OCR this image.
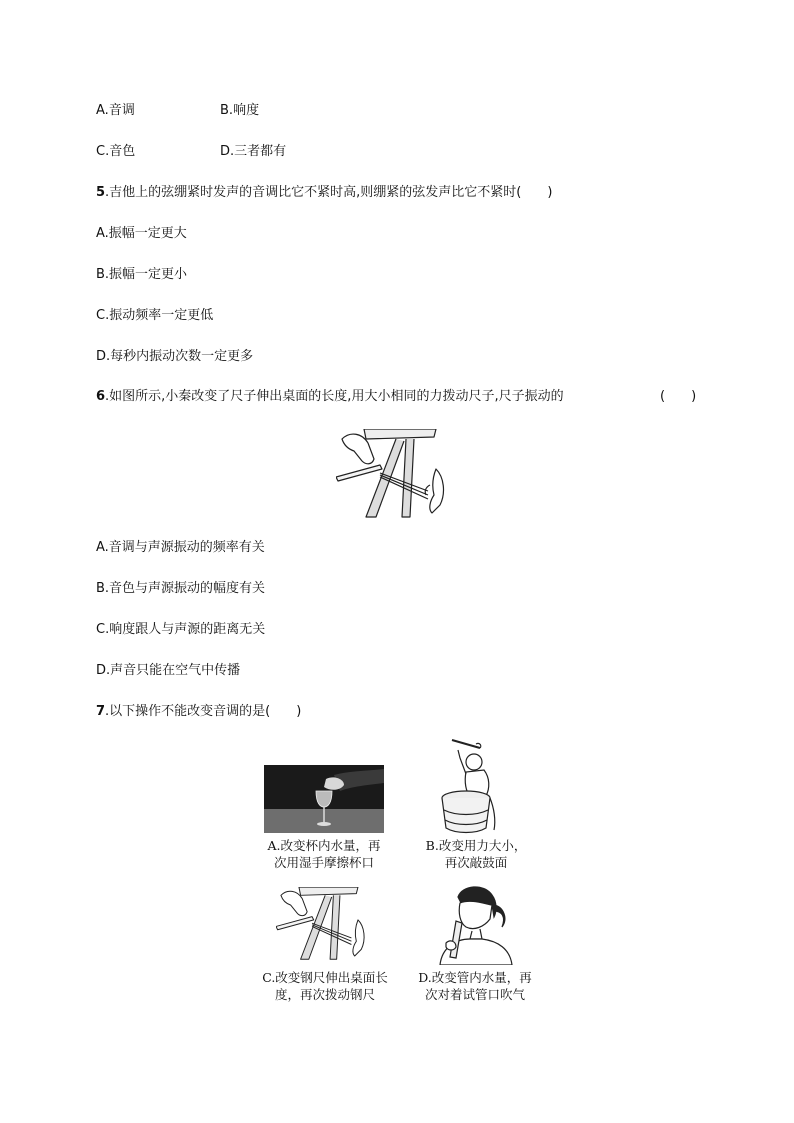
A.音调	B.响度
C.音色	D.三者都有
5.吉他上的弦绷紧时发声的音调比它不紧时高,则绷紧的弦发声比它不紧时(　　)
A.振幅一定更大
B.振幅一定更小
C.振动频率一定更低
D.每秒内振动次数一定更多
6.如图所示,小秦改变了尺子伸出桌面的长度,用大小相同的力拨动尺子,尺子振动的	(　　)
A.音调与声源振动的频率有关
B.音色与声源振动的幅度有关
C.响度跟人与声源的距离无关
D.声音只能在空气中传播
7.以下操作不能改变音调的是(　　)
A.改变杯内水量，再
次用湿手摩擦杯口
B.改变用力大小，
再次敲鼓面
C.改变钢尺伸出桌面长
度，再次拨动钢尺
D.改变管内水量，再
次对着试管口吹气
